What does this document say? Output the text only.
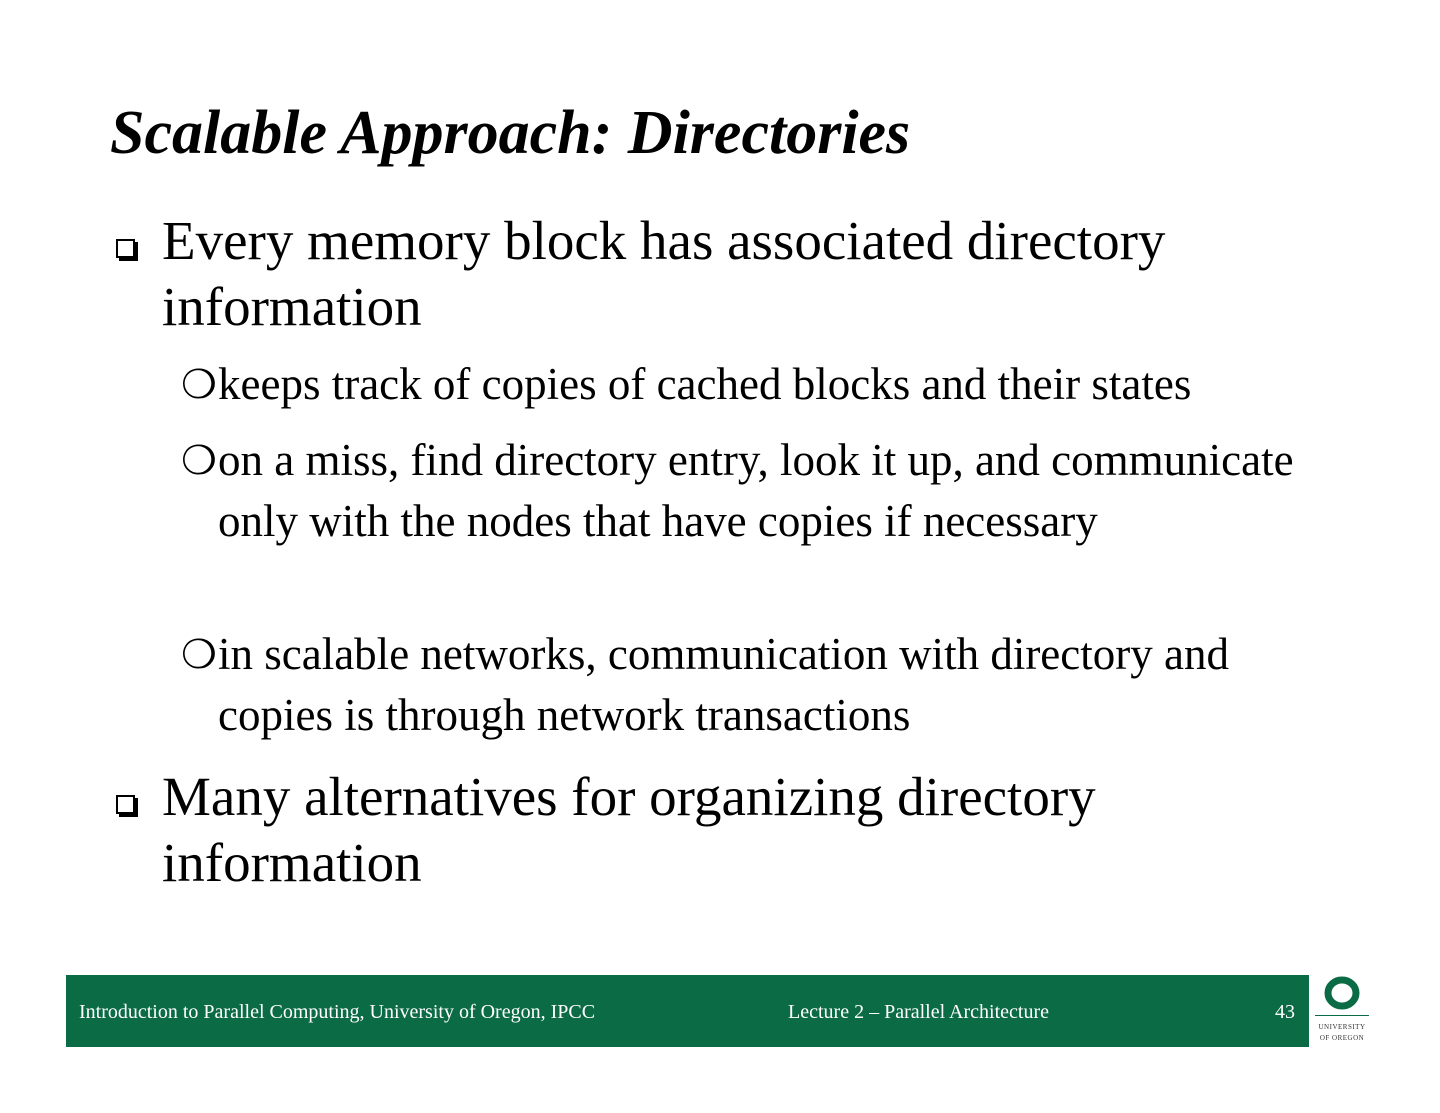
Scalable Approach: Directories
Every memory block has associated directory information
❍ keeps track of copies of cached blocks and their states
❍ on a miss, find directory entry, look it up, and communicate only with the nodes that have copies if necessary
❍ in scalable networks, communication with directory and copies is through network transactions
Many alternatives for organizing directory information
Introduction to Parallel Computing, University of Oregon, IPCC	Lecture 2 – Parallel Architecture	43
UNIVERSITY
OF OREGON
